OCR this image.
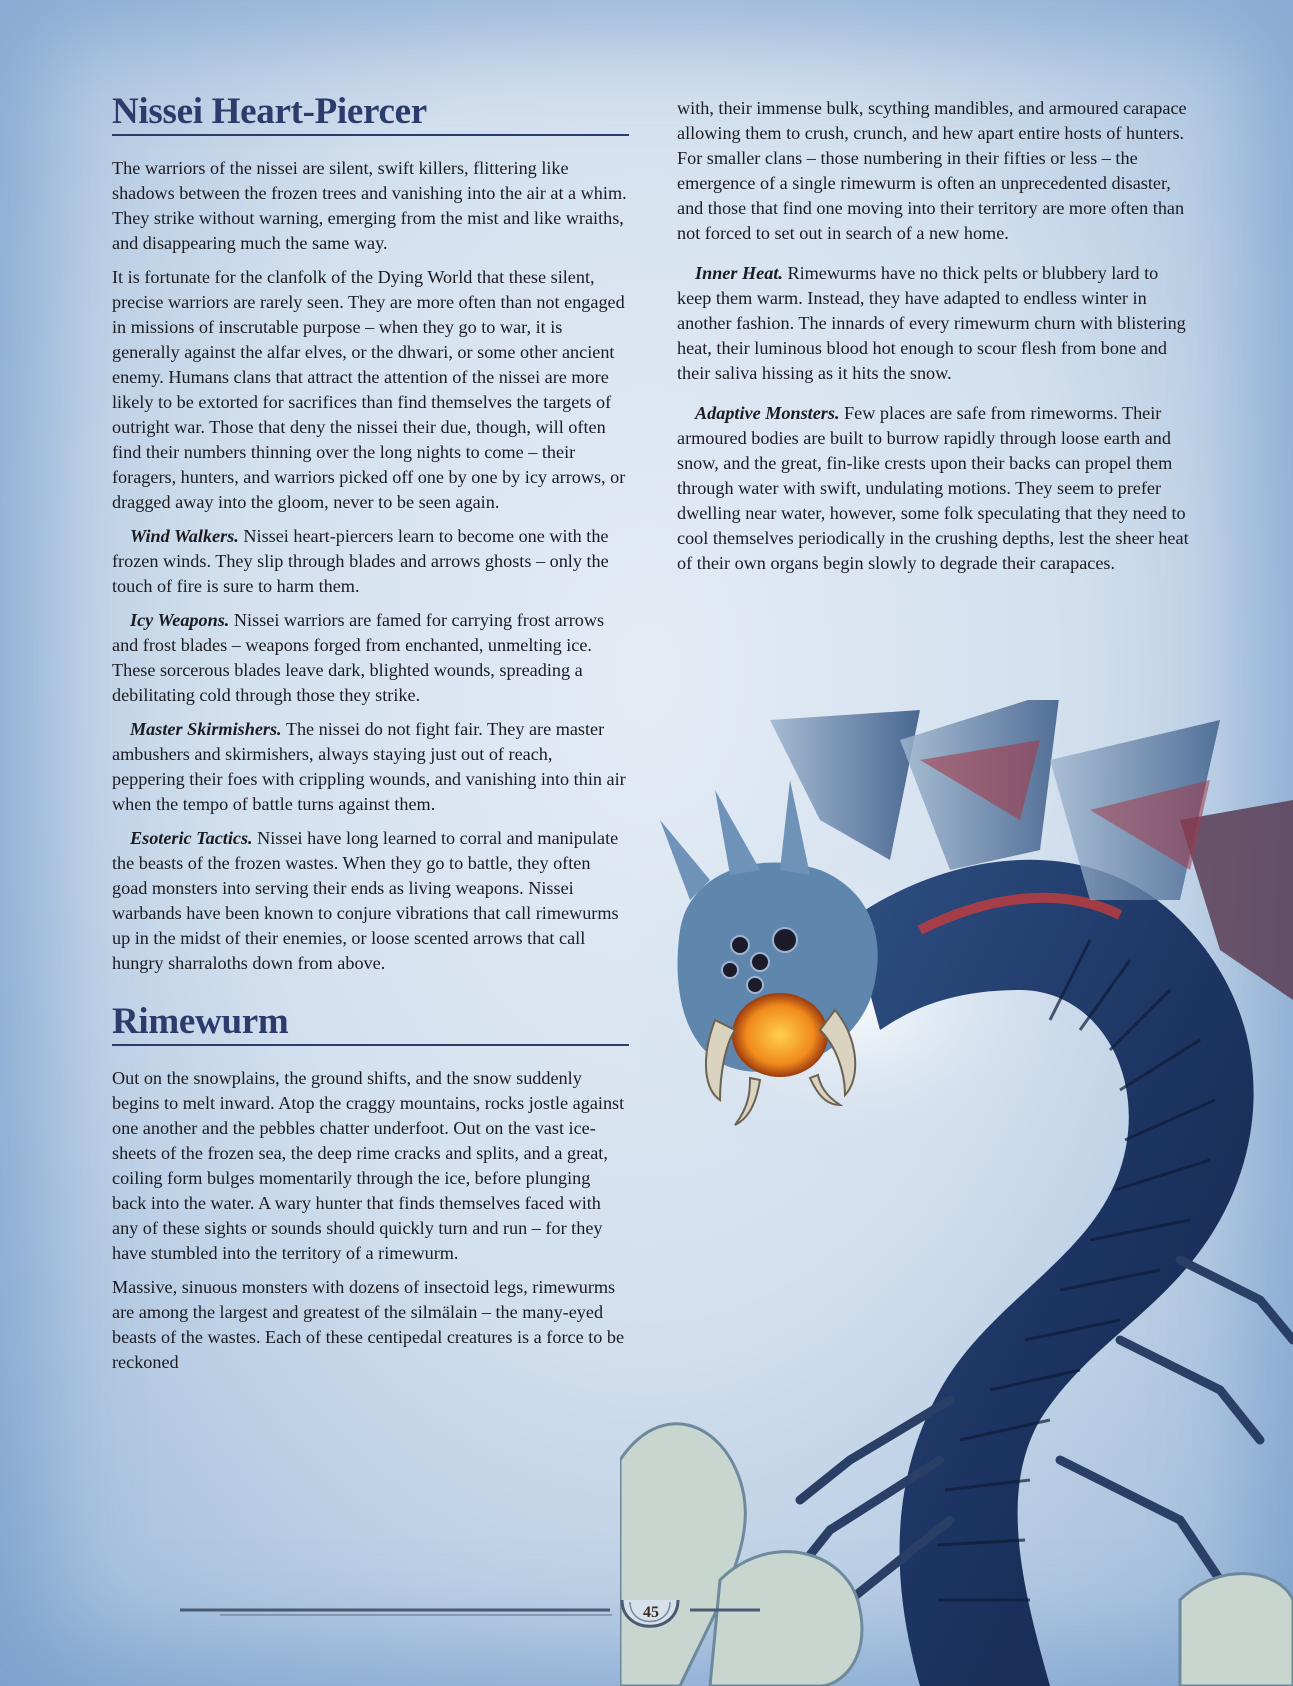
Nissei Heart-Piercer

The warriors of the nissei are silent, swift killers, flittering like shadows between the frozen trees and vanishing into the air at a whim. They strike without warning, emerging from the mist and like wraiths, and disappearing much the same way.

It is fortunate for the clanfolk of the Dying World that these silent, precise warriors are rarely seen. They are more often than not engaged in missions of inscrutable purpose – when they go to war, it is generally against the alfar elves, or the dhwari, or some other ancient enemy. Humans clans that attract the attention of the nissei are more likely to be extorted for sacrifices than find themselves the targets of outright war. Those that deny the nissei their due, though, will often find their numbers thinning over the long nights to come – their foragers, hunters, and warriors picked off one by one by icy arrows, or dragged away into the gloom, never to be seen again.

Wind Walkers. Nissei heart-piercers learn to become one with the frozen winds. They slip through blades and arrows ghosts – only the touch of fire is sure to harm them.

Icy Weapons. Nissei warriors are famed for carrying frost arrows and frost blades – weapons forged from enchanted, unmelting ice. These sorcerous blades leave dark, blighted wounds, spreading a debilitating cold through those they strike.

Master Skirmishers. The nissei do not fight fair. They are master ambushers and skirmishers, always staying just out of reach, peppering their foes with crippling wounds, and vanishing into thin air when the tempo of battle turns against them.

Esoteric Tactics. Nissei have long learned to corral and manipulate the beasts of the frozen wastes. When they go to battle, they often goad monsters into serving their ends as living weapons. Nissei warbands have been known to conjure vibrations that call rimewurms up in the midst of their enemies, or loose scented arrows that call hungry sharraloths down from above.

Rimewurm

Out on the snowplains, the ground shifts, and the snow suddenly begins to melt inward. Atop the craggy mountains, rocks jostle against one another and the pebbles chatter underfoot. Out on the vast ice-sheets of the frozen sea, the deep rime cracks and splits, and a great, coiling form bulges momentarily through the ice, before plunging back into the water. A wary hunter that finds themselves faced with any of these sights or sounds should quickly turn and run – for they have stumbled into the territory of a rimewurm.

Massive, sinuous monsters with dozens of insectoid legs, rimewurms are among the largest and greatest of the silmälain – the many-eyed beasts of the wastes. Each of these centipedal creatures is a force to be reckoned

with, their immense bulk, scything mandibles, and armoured carapace allowing them to crush, crunch, and hew apart entire hosts of hunters. For smaller clans – those numbering in their fifties or less – the emergence of a single rimewurm is often an unprecedented disaster, and those that find one moving into their territory are more often than not forced to set out in search of a new home.

Inner Heat. Rimewurms have no thick pelts or blubbery lard to keep them warm. Instead, they have adapted to endless winter in another fashion. The innards of every rimewurm churn with blistering heat, their luminous blood hot enough to scour flesh from bone and their saliva hissing as it hits the snow.

Adaptive Monsters. Few places are safe from rimeworms. Their armoured bodies are built to burrow rapidly through loose earth and snow, and the great, fin-like crests upon their backs can propel them through water with swift, undulating motions. They seem to prefer dwelling near water, however, some folk speculating that they need to cool themselves periodically in the crushing depths, lest the sheer heat of their own organs begin slowly to degrade their carapaces.

45
